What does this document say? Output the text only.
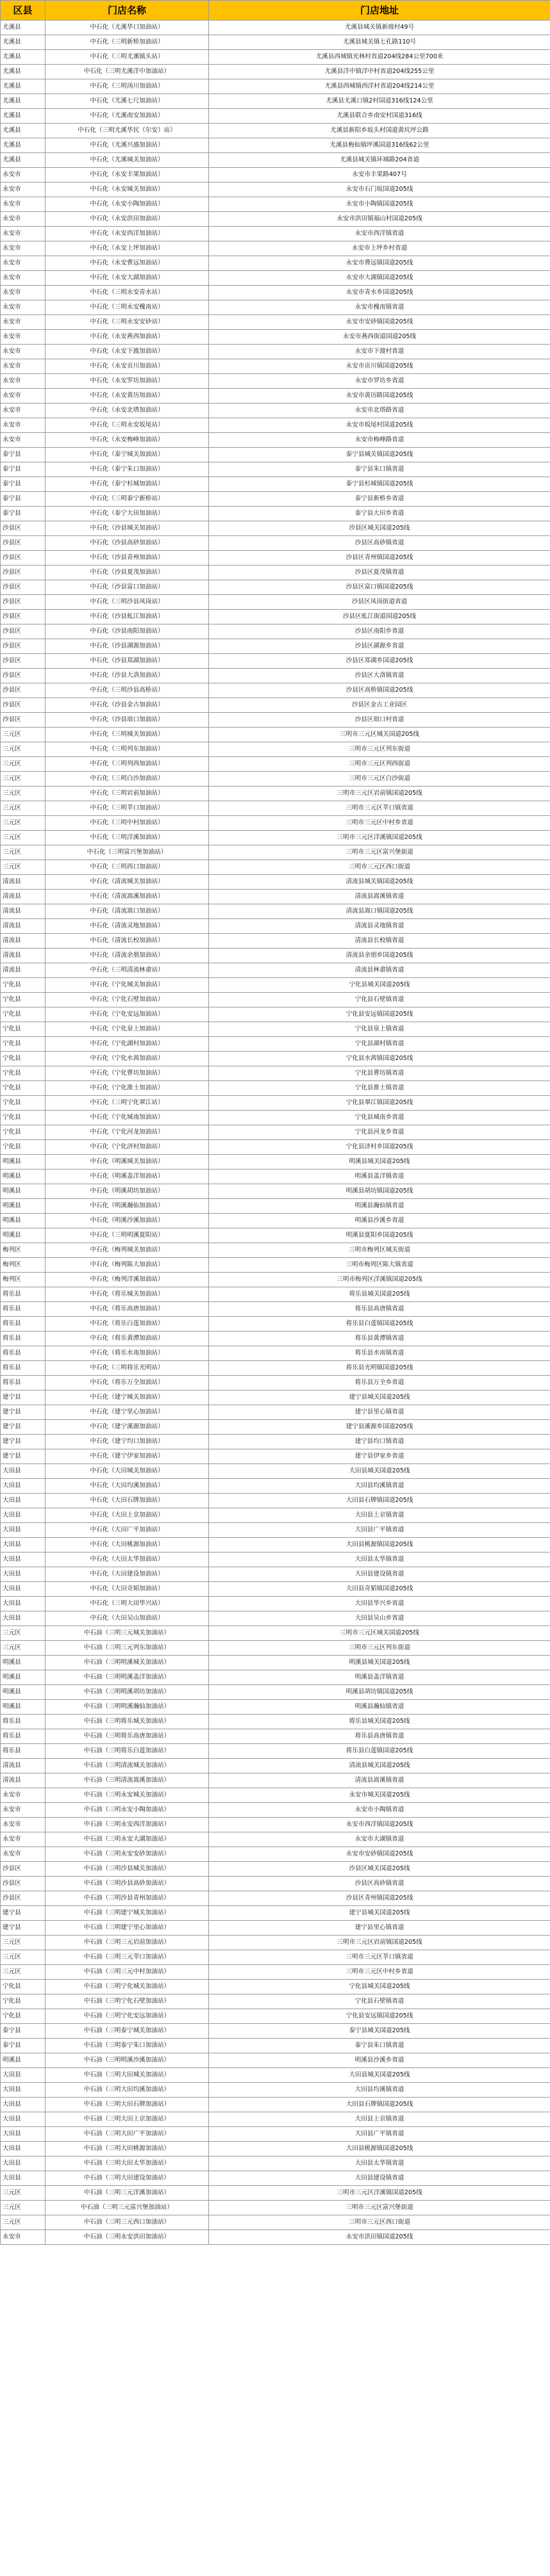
区县	门店名称	门店地址
尤溪县	中石化（尤溪华口加油站）	尤溪县城关镇新坡村49号
尤溪县	中石化（三明新桥加油站）	尤溪县城关镇七孔路110号
尤溪县	中石化（三明尤溪镇头站）	尤溪县西城镇光林村省道204线284公里700米
尤溪县	中石化（三明尤溪洋中加油站）	尤溪县洋中镇洋中村省道204线255公里
尤溪县	中石化（三明汤川加油站）	尤溪县西城镇西洋村省道204线214公里
尤溪县	中石化（尤溪七尺加油站）	尤溪县尤溪口镇2村国道316线124公里
尤溪县	中石化（尤溪南安加油站）	尤溪县联合乡南安村国道316线
尤溪县	中石化（三明尤溪华民（尔安）站）	尤溪县新阳乡坂头村国道黄坑坪公路
尤溪县	中石化（尤溪兴盛加油站）	尤溪县梅仙镇坪溪国道316线62公里
尤溪县	中石化（尤溪城关加油站）	尤溪县城关镇环城路204省道
永安市	中石化（永安丰果加油站）	永安市丰果路407号
永安市	中石化（永安城关加油站）	永安市石门坂国道205线
永安市	中石化（永安小陶加油站）	永安市小陶镇国道205线
永安市	中石化（永安洪田加油站）	永安市洪田镇福山村国道205线
永安市	中石化（永安西洋加油站）	永安市西洋镇省道
永安市	中石化（永安上坪加油站）	永安市上坪乡村省道
永安市	中石化（永安曹远加油站）	永安市曹远镇国道205线
永安市	中石化（永安大湖加油站）	永安市大湖镇国道205线
永安市	中石化（三明永安青水站）	永安市青水乡国道205线
永安市	中石化（三明永安槐南站）	永安市槐南镇省道
永安市	中石化（三明永安安砂站）	永安市安砂镇国道205线
永安市	中石化（永安燕西加油站）	永安市燕西街道国道205线
永安市	中石化（永安下渡加油站）	永安市下渡村省道
永安市	中石化（永安贡川加油站）	永安市贡川镇国道205线
永安市	中石化（永安罗坊加油站）	永安市罗坊乡省道
永安市	中石化（永安黄历加油站）	永安市黄历路国道205线
永安市	中石化（永安北塔加油站）	永安市北塔路省道
永安市	中石化（三明永安坂尾站）	永安市坂尾村国道205线
永安市	中石化（永安梅峰加油站）	永安市梅峰路省道
泰宁县	中石化（泰宁城关加油站）	泰宁县城关镇国道205线
泰宁县	中石化（泰宁朱口加油站）	泰宁县朱口镇省道
泰宁县	中石化（泰宁杉城加油站）	泰宁县杉城镇国道205线
泰宁县	中石化（三明泰宁新桥站）	泰宁县新桥乡省道
泰宁县	中石化（泰宁大田加油站）	泰宁县大田乡省道
沙县区	中石化（沙县城关加油站）	沙县区城关国道205线
沙县区	中石化（沙县高砂加油站）	沙县区高砂镇省道
沙县区	中石化（沙县青州加油站）	沙县区青州镇国道205线
沙县区	中石化（沙县夏茂加油站）	沙县区夏茂镇省道
沙县区	中石化（沙县富口加油站）	沙县区富口镇国道205线
沙县区	中石化（三明沙县凤岗站）	沙县区凤岗街道省道
沙县区	中石化（沙县虬江加油站）	沙县区虬江街道国道205线
沙县区	中石化（沙县南阳加油站）	沙县区南阳乡省道
沙县区	中石化（沙县湖源加油站）	沙县区湖源乡省道
沙县区	中石化（沙县郑湖加油站）	沙县区郑湖乡国道205线
沙县区	中石化（沙县大洛加油站）	沙县区大洛镇省道
沙县区	中石化（三明沙县高桥站）	沙县区高桥镇国道205线
沙县区	中石化（沙县金古加油站）	沙县区金古工业园区
沙县区	中石化（沙县琅口加油站）	沙县区琅口村省道
三元区	中石化（三明城关加油站）	三明市三元区城关国道205线
三元区	中石化（三明列东加油站）	三明市三元区列东街道
三元区	中石化（三明列西加油站）	三明市三元区列西街道
三元区	中石化（三明白沙加油站）	三明市三元区白沙街道
三元区	中石化（三明岩前加油站）	三明市三元区岩前镇国道205线
三元区	中石化（三明莘口加油站）	三明市三元区莘口镇省道
三元区	中石化（三明中村加油站）	三明市三元区中村乡省道
三元区	中石化（三明洋溪加油站）	三明市三元区洋溪镇国道205线
三元区	中石化（三明富兴堡加油站）	三明市三元区富兴堡街道
三元区	中石化（三明西口加油站）	三明市三元区西口街道
清流县	中石化（清流城关加油站）	清流县城关镇国道205线
清流县	中石化（清流嵩溪加油站）	清流县嵩溪镇省道
清流县	中石化（清流嵩口加油站）	清流县嵩口镇国道205线
清流县	中石化（清流灵地加油站）	清流县灵地镇省道
清流县	中石化（清流长校加油站）	清流县长校镇省道
清流县	中石化（清流余朋加油站）	清流县余朋乡国道205线
清流县	中石化（三明清流林畲站）	清流县林畲镇省道
宁化县	中石化（宁化城关加油站）	宁化县城关国道205线
宁化县	中石化（宁化石壁加油站）	宁化县石壁镇省道
宁化县	中石化（宁化安远加油站）	宁化县安远镇国道205线
宁化县	中石化（宁化泉上加油站）	宁化县泉上镇省道
宁化县	中石化（宁化湖村加油站）	宁化县湖村镇省道
宁化县	中石化（宁化水茜加油站）	宁化县水茜镇国道205线
宁化县	中石化（宁化曹坊加油站）	宁化县曹坊镇省道
宁化县	中石化（宁化淮土加油站）	宁化县淮土镇省道
宁化县	中石化（三明宁化翠江站）	宁化县翠江镇国道205线
宁化县	中石化（宁化城南加油站）	宁化县城南乡省道
宁化县	中石化（宁化河龙加油站）	宁化县河龙乡省道
宁化县	中石化（宁化济村加油站）	宁化县济村乡国道205线
明溪县	中石化（明溪城关加油站）	明溪县城关国道205线
明溪县	中石化（明溪盖洋加油站）	明溪县盖洋镇省道
明溪县	中石化（明溪胡坊加油站）	明溪县胡坊镇国道205线
明溪县	中石化（明溪瀚仙加油站）	明溪县瀚仙镇省道
明溪县	中石化（明溪沙溪加油站）	明溪县沙溪乡省道
明溪县	中石化（三明明溪夏阳站）	明溪县夏阳乡国道205线
梅列区	中石化（梅列城关加油站）	三明市梅列区城关街道
梅列区	中石化（梅列陈大加油站）	三明市梅列区陈大镇省道
梅列区	中石化（梅列洋溪加油站）	三明市梅列区洋溪镇国道205线
将乐县	中石化（将乐城关加油站）	将乐县城关国道205线
将乐县	中石化（将乐高唐加油站）	将乐县高唐镇省道
将乐县	中石化（将乐白莲加油站）	将乐县白莲镇国道205线
将乐县	中石化（将乐黄潭加油站）	将乐县黄潭镇省道
将乐县	中石化（将乐水南加油站）	将乐县水南镇省道
将乐县	中石化（三明将乐光明站）	将乐县光明镇国道205线
将乐县	中石化（将乐万全加油站）	将乐县万全乡省道
建宁县	中石化（建宁城关加油站）	建宁县城关国道205线
建宁县	中石化（建宁里心加油站）	建宁县里心镇省道
建宁县	中石化（建宁溪源加油站）	建宁县溪源乡国道205线
建宁县	中石化（建宁均口加油站）	建宁县均口镇省道
建宁县	中石化（建宁伊家加油站）	建宁县伊家乡省道
大田县	中石化（大田城关加油站）	大田县城关国道205线
大田县	中石化（大田均溪加油站）	大田县均溪镇省道
大田县	中石化（大田石牌加油站）	大田县石牌镇国道205线
大田县	中石化（大田上京加油站）	大田县上京镇省道
大田县	中石化（大田广平加油站）	大田县广平镇省道
大田县	中石化（大田桃源加油站）	大田县桃源镇国道205线
大田县	中石化（大田太华加油站）	大田县太华镇省道
大田县	中石化（大田建设加油站）	大田县建设镇省道
大田县	中石化（大田奇韬加油站）	大田县奇韬镇国道205线
大田县	中石化（三明大田华兴站）	大田县华兴乡省道
大田县	中石化（大田吴山加油站）	大田县吴山乡省道
三元区	中石油（三明三元城关加油站）	三明市三元区城关国道205线
三元区	中石油（三明三元列东加油站）	三明市三元区列东街道
明溪县	中石油（三明明溪城关加油站）	明溪县城关国道205线
明溪县	中石油（三明明溪盖洋加油站）	明溪县盖洋镇省道
明溪县	中石油（三明明溪胡坊加油站）	明溪县胡坊镇国道205线
明溪县	中石油（三明明溪瀚仙加油站）	明溪县瀚仙镇省道
将乐县	中石油（三明将乐城关加油站）	将乐县城关国道205线
将乐县	中石油（三明将乐高唐加油站）	将乐县高唐镇省道
将乐县	中石油（三明将乐白莲加油站）	将乐县白莲镇国道205线
清流县	中石油（三明清流城关加油站）	清流县城关国道205线
清流县	中石油（三明清流嵩溪加油站）	清流县嵩溪镇省道
永安市	中石油（三明永安城关加油站）	永安市城关国道205线
永安市	中石油（三明永安小陶加油站）	永安市小陶镇省道
永安市	中石油（三明永安西洋加油站）	永安市西洋镇国道205线
永安市	中石油（三明永安大湖加油站）	永安市大湖镇省道
永安市	中石油（三明永安安砂加油站）	永安市安砂镇国道205线
沙县区	中石油（三明沙县城关加油站）	沙县区城关国道205线
沙县区	中石油（三明沙县高砂加油站）	沙县区高砂镇省道
沙县区	中石油（三明沙县青州加油站）	沙县区青州镇国道205线
建宁县	中石油（三明建宁城关加油站）	建宁县城关国道205线
建宁县	中石油（三明建宁里心加油站）	建宁县里心镇省道
三元区	中石油（三明三元岩前加油站）	三明市三元区岩前镇国道205线
三元区	中石油（三明三元莘口加油站）	三明市三元区莘口镇省道
三元区	中石油（三明三元中村加油站）	三明市三元区中村乡省道
宁化县	中石油（三明宁化城关加油站）	宁化县城关国道205线
宁化县	中石油（三明宁化石壁加油站）	宁化县石壁镇省道
宁化县	中石油（三明宁化安远加油站）	宁化县安远镇国道205线
泰宁县	中石油（三明泰宁城关加油站）	泰宁县城关国道205线
泰宁县	中石油（三明泰宁朱口加油站）	泰宁县朱口镇省道
明溪县	中石油（三明明溪沙溪加油站）	明溪县沙溪乡省道
大田县	中石油（三明大田城关加油站）	大田县城关国道205线
大田县	中石油（三明大田均溪加油站）	大田县均溪镇省道
大田县	中石油（三明大田石牌加油站）	大田县石牌镇国道205线
大田县	中石油（三明大田上京加油站）	大田县上京镇省道
大田县	中石油（三明大田广平加油站）	大田县广平镇省道
大田县	中石油（三明大田桃源加油站）	大田县桃源镇国道205线
大田县	中石油（三明大田太华加油站）	大田县太华镇省道
大田县	中石油（三明大田建设加油站）	大田县建设镇省道
三元区	中石油（三明三元洋溪加油站）	三明市三元区洋溪镇国道205线
三元区	中石油（三明三元富兴堡加油站）	三明市三元区富兴堡街道
三元区	中石油（三明三元西口加油站）	三明市三元区西口街道
永安市	中石油（三明永安洪田加油站）	永安市洪田镇国道205线
